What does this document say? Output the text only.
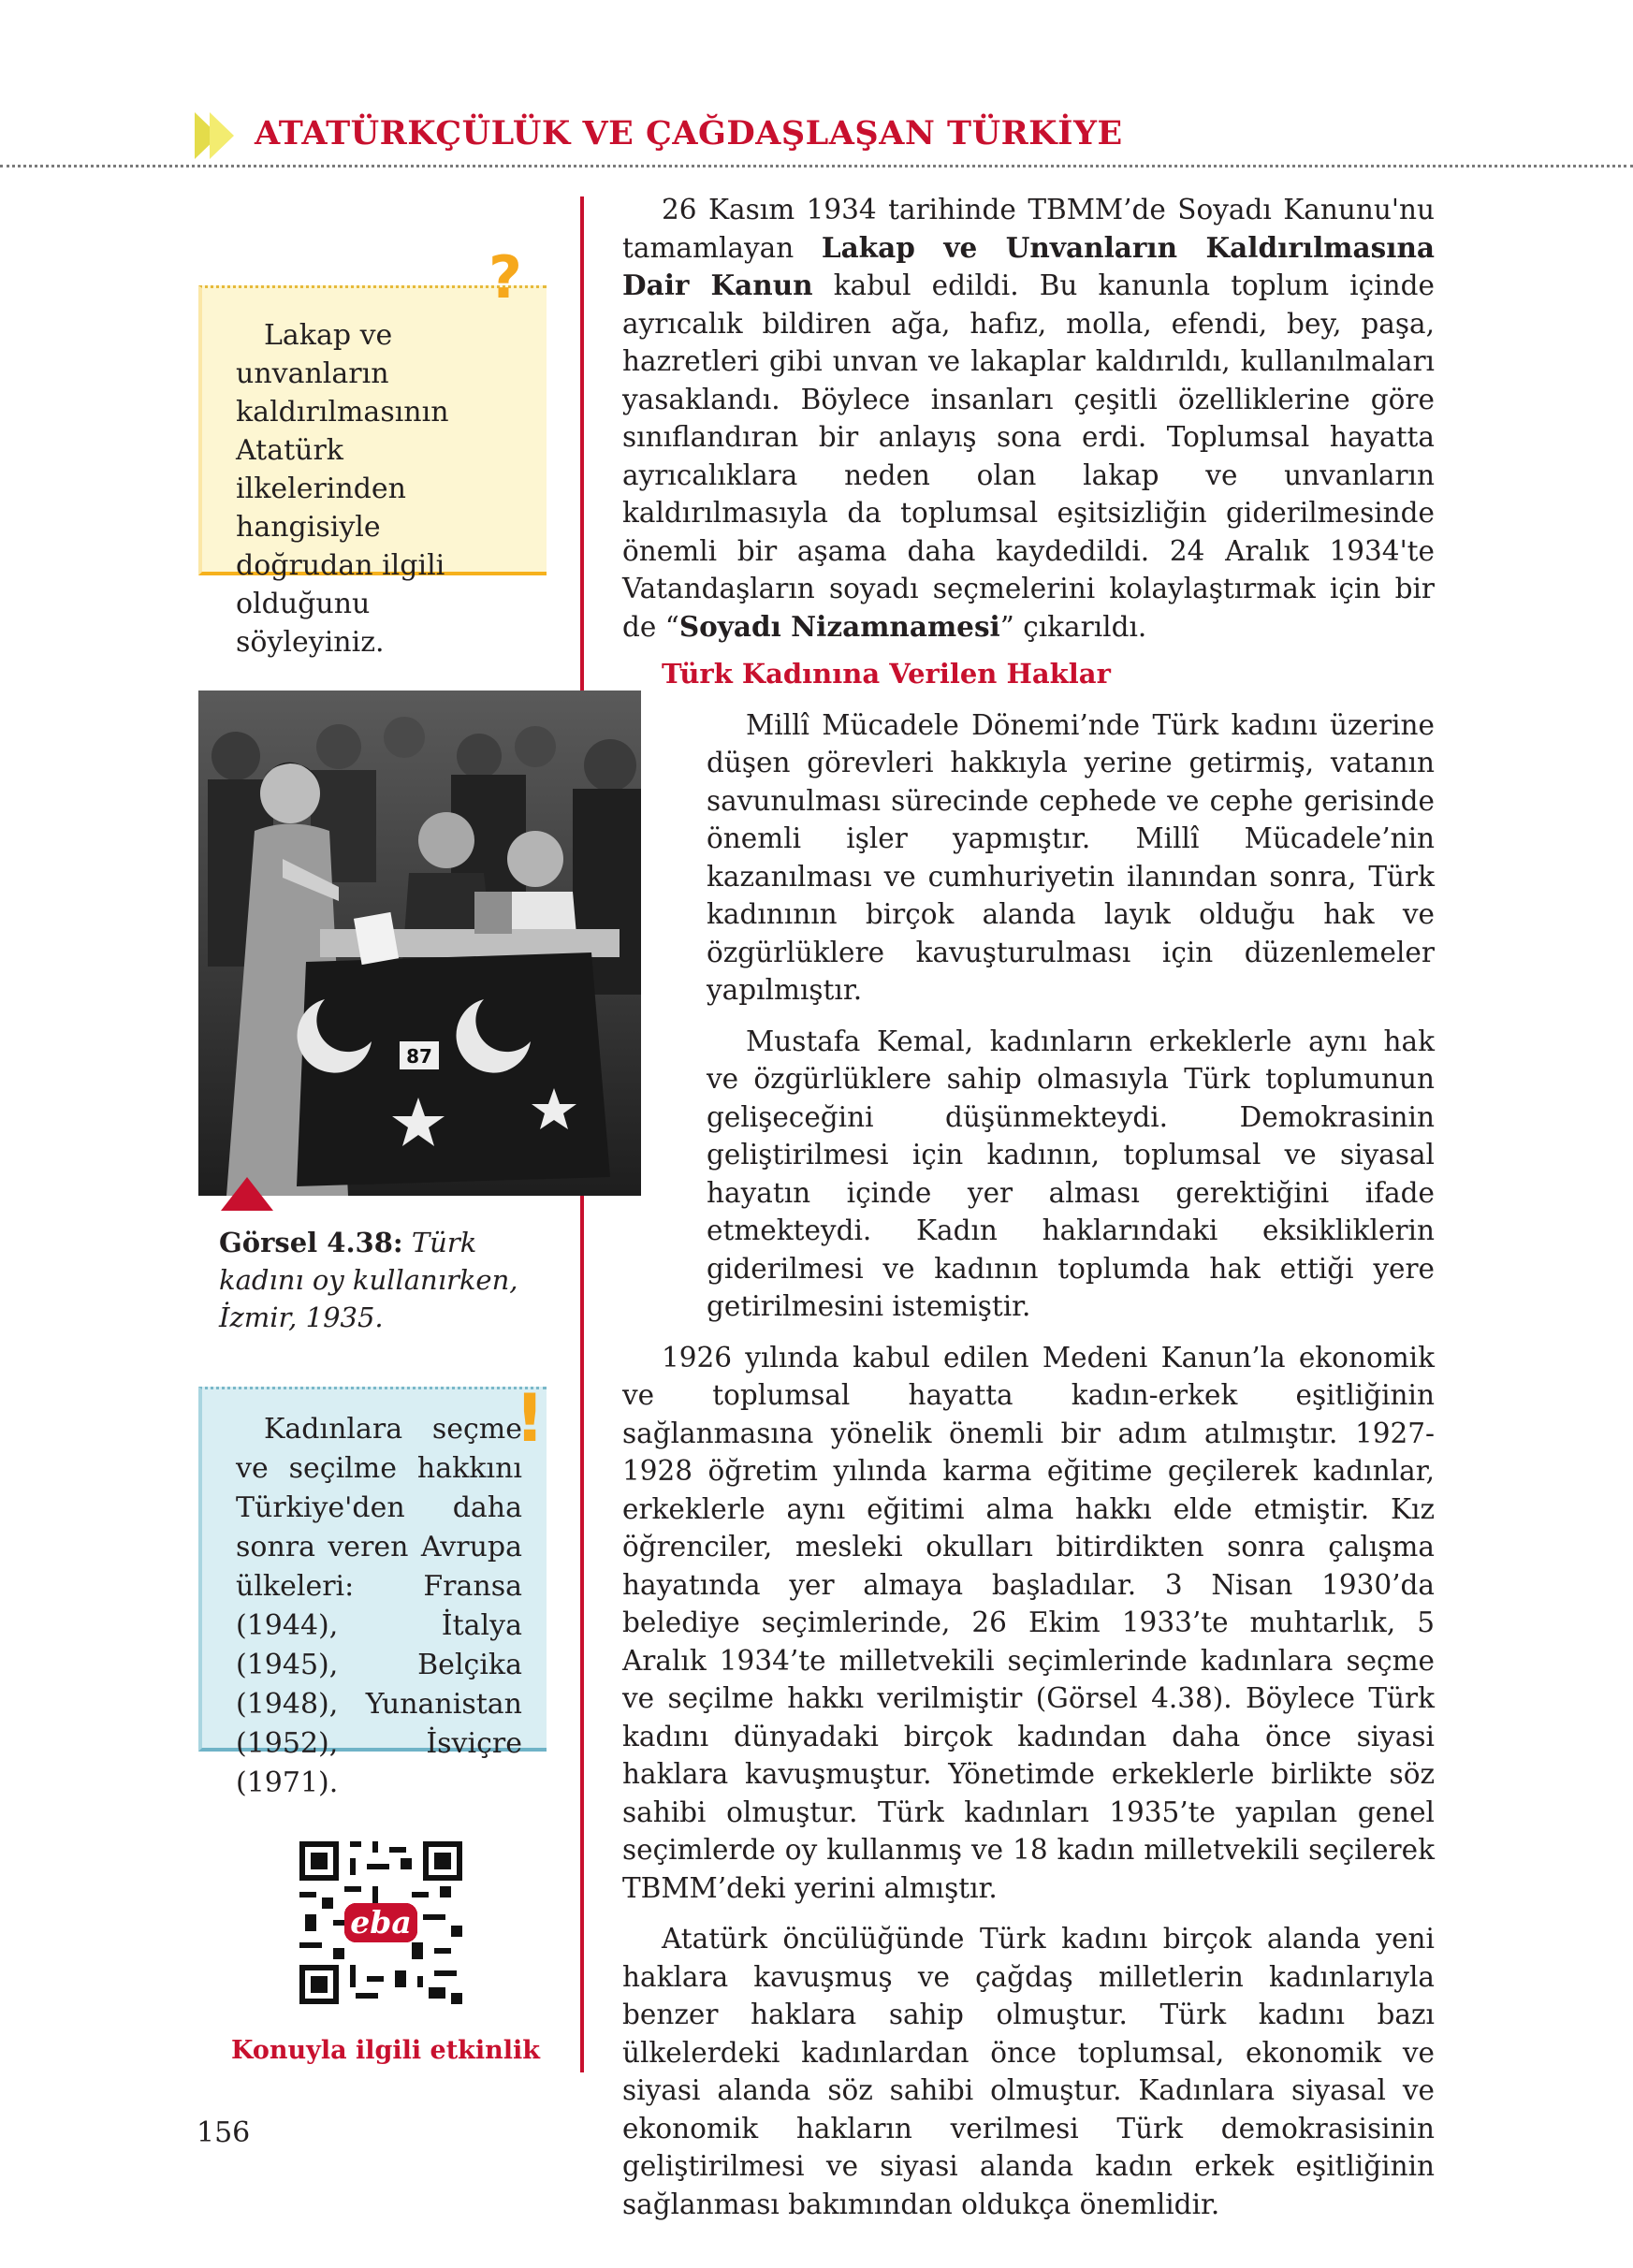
ATATÜRKÇÜLÜK VE ÇAĞDAŞLAŞAN TÜRKİYE
?

Lakap ve unvanların kaldırılmasının Atatürk ilkelerinden hangisiyle doğrudan ilgili olduğunu söyleyiniz.

87
Görsel 4.38: Türk kadını oy kullanırken, İzmir, 1935.
!

Kadınlara seçme ve seçilme hakkını Türkiye'den daha sonra veren Avrupa ülkeleri: Fransa (1944), İtalya (1945), Belçika (1948), Yunanistan (1952), İsviçre (1971).

eba
Konuyla ilgili etkinlik

26 Kasım 1934 tarihinde TBMM’de Soyadı Kanunu'nu tamamlayan Lakap ve Unvanların Kaldırılmasına Dair Kanun kabul edildi. Bu kanunla toplum içinde ayrıcalık bildiren ağa, hafız, molla, efendi, bey, paşa, hazretleri gibi unvan ve lakaplar kaldırıldı, kullanılmaları yasaklandı. Böylece insanları çeşitli özelliklerine göre sınıflandıran bir anlayış sona erdi. Toplumsal hayatta ayrıcalıklara neden olan lakap ve unvanların kaldırılmasıyla da toplumsal eşitsizliğin giderilmesinde önemli bir aşama daha kaydedildi. 24 Aralık 1934'te Vatandaşların soyadı seçmelerini kolaylaştırmak için bir de “Soyadı Nizamnamesi” çıkarıldı.

Türk Kadınına Verilen Haklar

Millî Mücadele Dönemi’nde Türk kadını üzerine düşen görevleri hakkıyla yerine getirmiş, vatanın savunulması sürecinde cephede ve cephe gerisinde önemli işler yapmıştır. Millî Mücadele’nin kazanılması ve cumhuriyetin ilanından sonra, Türk kadınının birçok alanda layık olduğu hak ve özgürlüklere kavuşturulması için düzenlemeler yapılmıştır.

Mustafa Kemal, kadınların erkeklerle aynı hak ve özgürlüklere sahip olmasıyla Türk toplumunun gelişeceğini düşünmekteydi. Demokrasinin geliştirilmesi için kadının, toplumsal ve siyasal hayatın içinde yer alması gerektiğini ifade etmekteydi. Kadın haklarındaki eksikliklerin giderilmesi ve kadının toplumda hak ettiği yere getirilmesini istemiştir.

1926 yılında kabul edilen Medeni Kanun’la ekonomik ve toplumsal hayatta kadın-erkek eşitliğinin sağlanmasına yönelik önemli bir adım atılmıştır. 1927-1928 öğretim yılında karma eğitime geçilerek kadınlar, erkeklerle aynı eğitimi alma hakkı elde etmiştir. Kız öğrenciler, mesleki okulları bitirdikten sonra çalışma hayatında yer almaya başladılar. 3 Nisan 1930’da belediye seçimlerinde, 26 Ekim 1933’te muhtarlık, 5 Aralık 1934’te milletvekili seçimlerinde kadınlara seçme ve seçilme hakkı verilmiştir (Görsel 4.38). Böylece Türk kadını dünyadaki birçok kadından daha önce siyasi haklara kavuşmuştur. Yönetimde erkeklerle birlikte söz sahibi olmuştur. Türk kadınları 1935’te yapılan genel seçimlerde oy kullanmış ve 18 kadın milletvekili seçilerek TBMM’deki yerini almıştır.

Atatürk öncülüğünde Türk kadını birçok alanda yeni haklara kavuşmuş ve çağdaş milletlerin kadınlarıyla benzer haklara sahip olmuştur. Türk kadını bazı ülkelerdeki kadınlardan önce toplumsal, ekonomik ve siyasi alanda söz sahibi olmuştur. Kadınlara siyasal ve ekonomik hakların verilmesi Türk demokrasisinin geliştirilmesi ve siyasi alanda kadın erkek eşitliğinin sağlanması bakımından oldukça önemlidir.

156
